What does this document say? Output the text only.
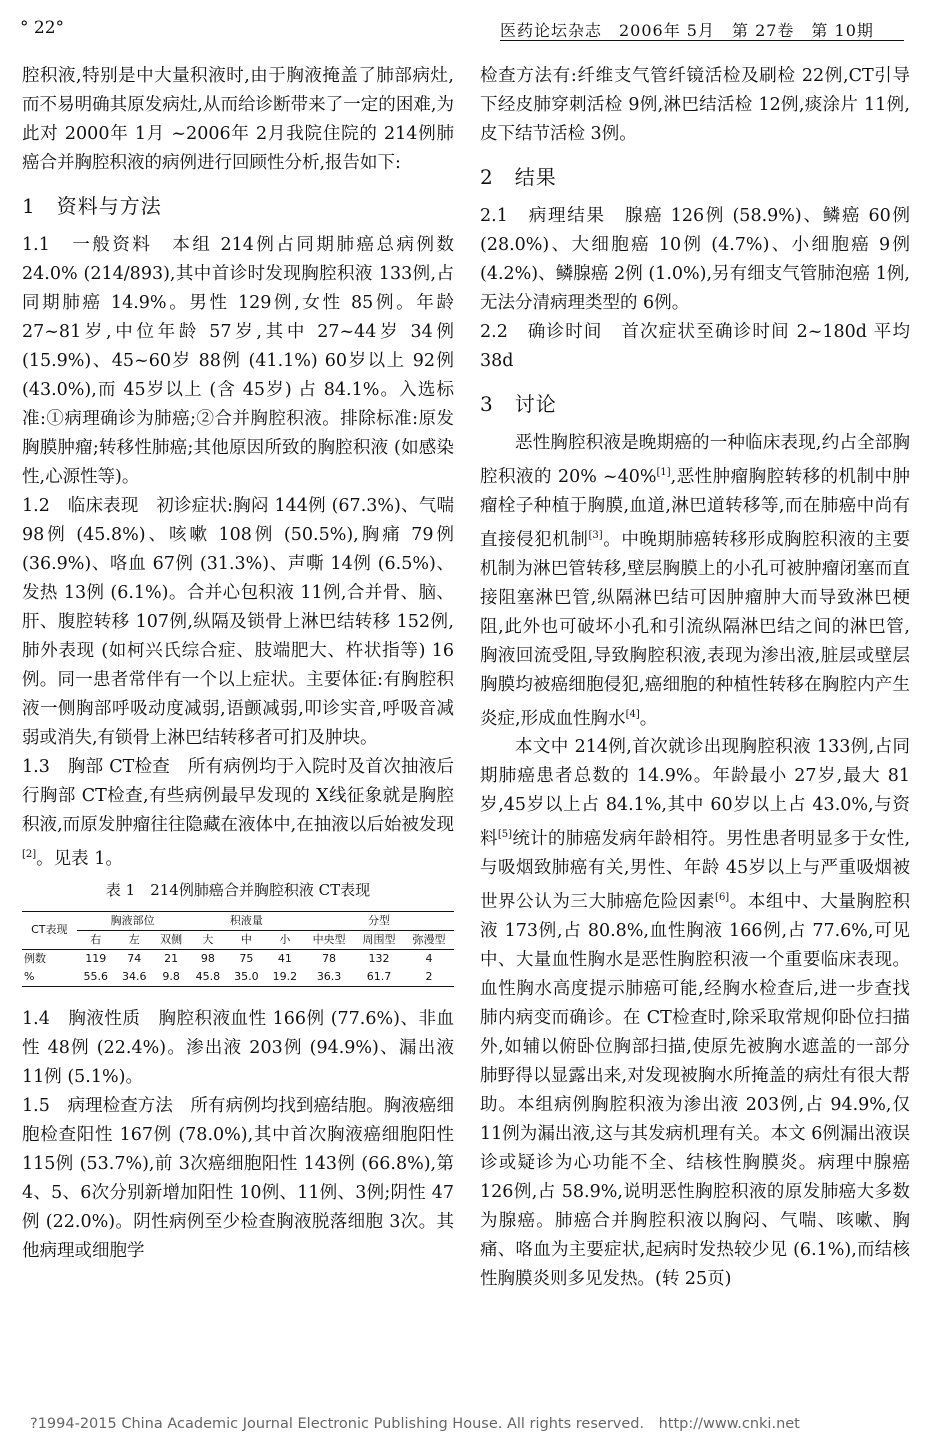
° 22°	医药论坛杂志　2006年 5月　第 27卷　第 10期

腔积液,特别是中大量积液时,由于胸液掩盖了肺部病灶,而不易明确其原发病灶,从而给诊断带来了一定的困难,为此对 2000年 1月 ~2006年 2月我院住院的 214例肺癌合并胸腔积液的病例进行回顾性分析,报告如下:

1　资料与方法

1.1　一般资料　本组 214例占同期肺癌总病例数 24.0% (214/893),其中首诊时发现胸腔积液 133例,占同期肺癌 14.9%。男性 129例,女性 85例。年龄 27~81岁,中位年龄 57岁,其中 27~44岁 34例 (15.9%)、45~60岁 88例 (41.1%) 60岁以上 92例 (43.0%),而 45岁以上 (含 45岁) 占 84.1%。入选标准:①病理确诊为肺癌;②合并胸腔积液。排除标准:原发胸膜肿瘤;转移性肺癌;其他原因所致的胸腔积液 (如感染性,心源性等)。

1.2　临床表现　初诊症状:胸闷 144例 (67.3%)、气喘 98例 (45.8%)、咳嗽 108例 (50.5%),胸痛 79例 (36.9%)、咯血 67例 (31.3%)、声嘶 14例 (6.5%)、发热 13例 (6.1%)。合并心包积液 11例,合并骨、脑、肝、腹腔转移 107例,纵隔及锁骨上淋巴结转移 152例,肺外表现 (如柯兴氏综合症、肢端肥大、杵状指等) 16例。同一患者常伴有一个以上症状。主要体征:有胸腔积液一侧胸部呼吸动度减弱,语颤减弱,叩诊实音,呼吸音减弱或消失,有锁骨上淋巴结转移者可扪及肿块。

1.3　胸部 CT检查　所有病例均于入院时及首次抽液后行胸部 CT检查,有些病例最早发现的 X线征象就是胸腔积液,而原发肿瘤往往隐藏在液体中,在抽液以后始被发现[2]。见表 1。

表 1　214例肺癌合并胸腔积液 CT表现
CT表现	胸液部位			积液量			分型		
	右	左	双侧	大	中	小	中央型	周围型	弥漫型
例数	119	74	21	98	75	41	78	132	4
%	55.6	34.6	9.8	45.8	35.0	19.2	36.3	61.7	2

1.4　胸液性质　胸腔积液血性 166例 (77.6%)、非血性 48例 (22.4%)。渗出液 203例 (94.9%)、漏出液 11例 (5.1%)。

1.5　病理检查方法　所有病例均找到癌结胞。胸液癌细胞检查阳性 167例 (78.0%),其中首次胸液癌细胞阳性 115例 (53.7%),前 3次癌细胞阳性 143例 (66.8%),第 4、5、6次分别新增加阳性 10例、11例、3例;阴性 47例 (22.0%)。阴性病例至少检查胸液脱落细胞 3次。其他病理或细胞学

检查方法有:纤维支气管纤镜活检及刷检 22例,CT引导下经皮肺穿刺活检 9例,淋巴结活检 12例,痰涂片 11例,皮下结节活检 3例。

2　结果

2.1　病理结果　腺癌 126例 (58.9%)、鳞癌 60例 (28.0%)、大细胞癌 10例 (4.7%)、小细胞癌 9例 (4.2%)、鳞腺癌 2例 (1.0%),另有细支气管肺泡癌 1例,无法分清病理类型的 6例。

2.2　确诊时间　首次症状至确诊时间 2~180d 平均 38d

3　讨论

恶性胸腔积液是晚期癌的一种临床表现,约占全部胸腔积液的 20% ~40%[1],恶性肿瘤胸腔转移的机制中肿瘤栓子种植于胸膜,血道,淋巴道转移等,而在肺癌中尚有直接侵犯机制[3]。中晚期肺癌转移形成胸腔积液的主要机制为淋巴管转移,壁层胸膜上的小孔可被肿瘤闭塞而直接阻塞淋巴管,纵隔淋巴结可因肿瘤肿大而导致淋巴梗阻,此外也可破坏小孔和引流纵隔淋巴结之间的淋巴管,胸液回流受阻,导致胸腔积液,表现为渗出液,脏层或壁层胸膜均被癌细胞侵犯,癌细胞的种植性转移在胸腔内产生炎症,形成血性胸水[4]。

本文中 214例,首次就诊出现胸腔积液 133例,占同期肺癌患者总数的 14.9%。年龄最小 27岁,最大 81岁,45岁以上占 84.1%,其中 60岁以上占 43.0%,与资料[5]统计的肺癌发病年龄相符。男性患者明显多于女性,与吸烟致肺癌有关,男性、年龄 45岁以上与严重吸烟被世界公认为三大肺癌危险因素[6]。本组中、大量胸腔积液 173例,占 80.8%,血性胸液 166例,占 77.6%,可见中、大量血性胸水是恶性胸腔积液一个重要临床表现。血性胸水高度提示肺癌可能,经胸水检查后,进一步查找肺内病变而确诊。在 CT检查时,除采取常规仰卧位扫描外,如辅以俯卧位胸部扫描,使原先被胸水遮盖的一部分肺野得以显露出来,对发现被胸水所掩盖的病灶有很大帮助。本组病例胸腔积液为渗出液 203例,占 94.9%,仅 11例为漏出液,这与其发病机理有关。本文 6例漏出液误诊或疑诊为心功能不全、结核性胸膜炎。病理中腺癌 126例,占 58.9%,说明恶性胸腔积液的原发肺癌大多数为腺癌。肺癌合并胸腔积液以胸闷、气喘、咳嗽、胸痛、咯血为主要症状,起病时发热较少见 (6.1%),而结核性胸膜炎则多见发热。(转 25页)

?1994-2015 China Academic Journal Electronic Publishing House. All rights reserved.　http://www.cnki.net
